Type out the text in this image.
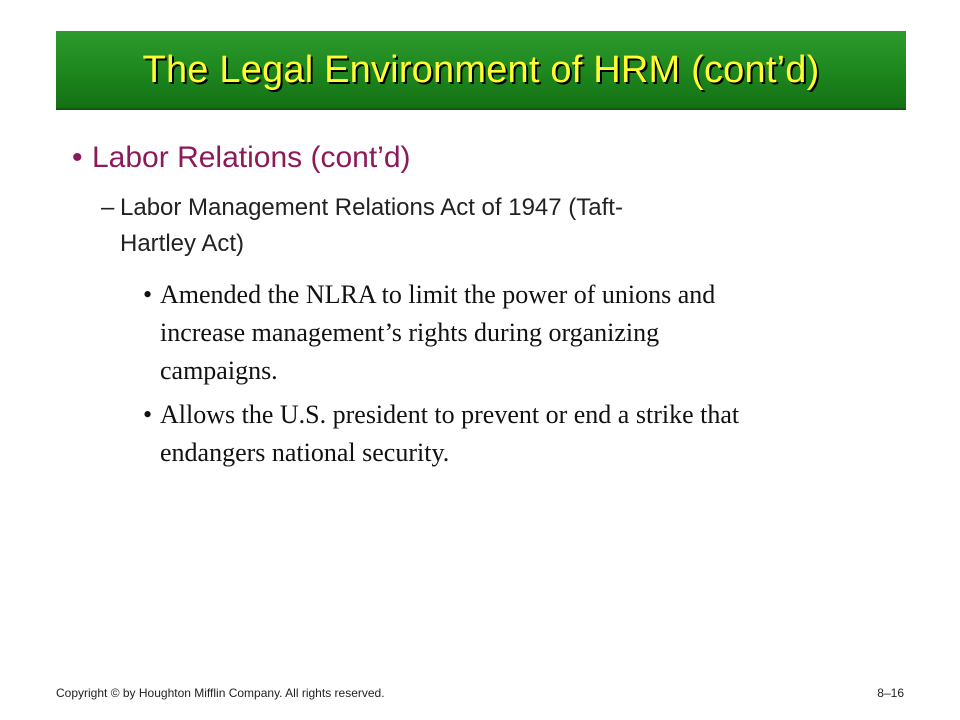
The Legal Environment of HRM (cont’d)
• Labor Relations (cont’d)
– Labor Management Relations Act of 1947 (Taft-
Hartley Act)
• Amended the NLRA to limit the power of unions and
increase management’s rights during organizing
campaigns.
• Allows the U.S. president to prevent or end a strike that
endangers national security.
Copyright © by Houghton Mifflin Company. All rights reserved.	8–16
